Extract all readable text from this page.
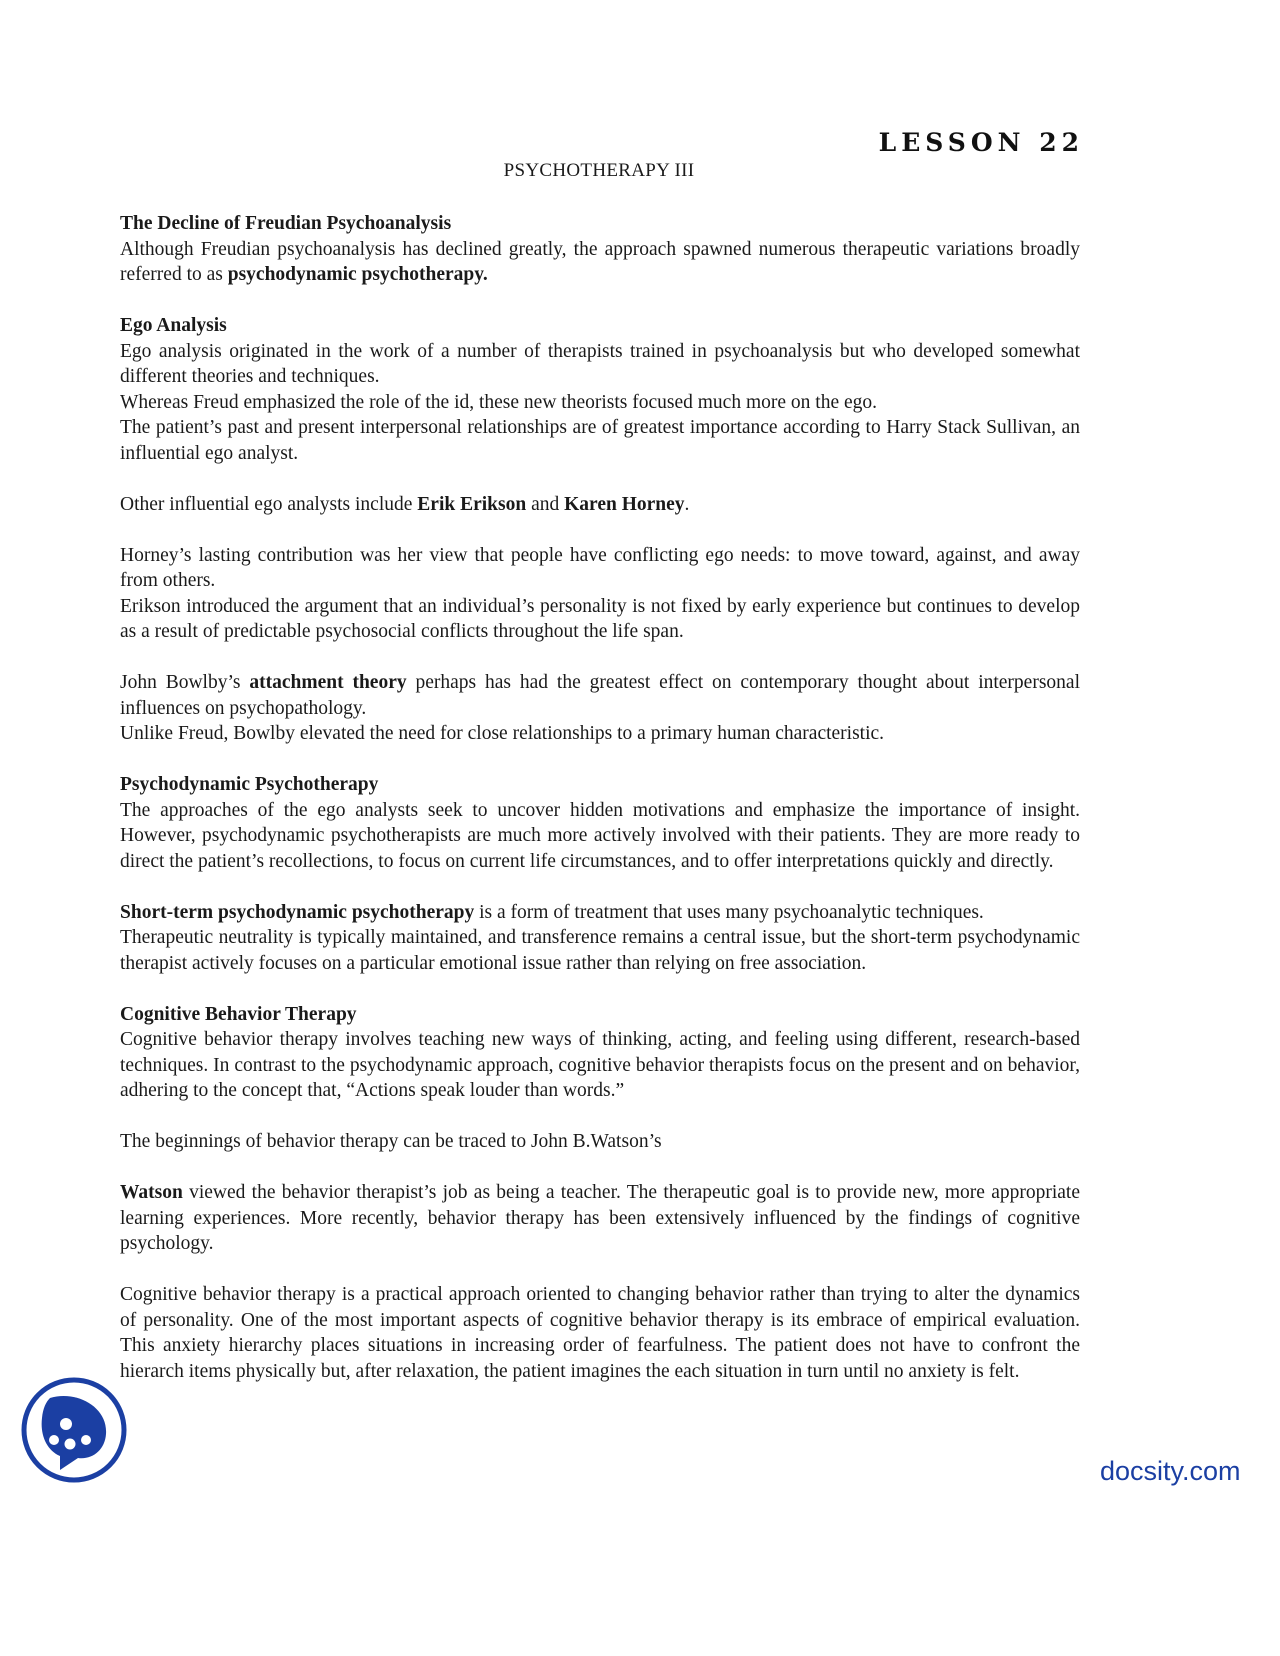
LESSON 22
PSYCHOTHERAPY III
The Decline of Freudian Psychoanalysis

Although Freudian psychoanalysis has declined greatly, the approach spawned numerous therapeutic variations broadly referred to as psychodynamic psychotherapy.

Ego Analysis

Ego analysis originated in the work of a number of therapists trained in psychoanalysis but who developed somewhat different theories and techniques.

Whereas Freud emphasized the role of the id, these new theorists focused much more on the ego.

The patient’s past and present interpersonal relationships are of greatest importance according to Harry Stack Sullivan, an influential ego analyst.

Other influential ego analysts include Erik Erikson and Karen Horney.

Horney’s lasting contribution was her view that people have conflicting ego needs: to move toward, against, and away from others.

Erikson introduced the argument that an individual’s personality is not fixed by early experience but continues to develop as a result of predictable psychosocial conflicts throughout the life span.

John Bowlby’s attachment theory perhaps has had the greatest effect on contemporary thought about interpersonal influences on psychopathology.

Unlike Freud, Bowlby elevated the need for close relationships to a primary human characteristic.

Psychodynamic Psychotherapy

The approaches of the ego analysts seek to uncover hidden motivations and emphasize the importance of insight. However, psychodynamic psychotherapists are much more actively involved with their patients. They are more ready to direct the patient’s recollections, to focus on current life circumstances, and to offer interpretations quickly and directly.

Short-term psychodynamic psychotherapy is a form of treatment that uses many psychoanalytic techniques.

Therapeutic neutrality is typically maintained, and transference remains a central issue, but the short-term psychodynamic therapist actively focuses on a particular emotional issue rather than relying on free association.

Cognitive Behavior Therapy

Cognitive behavior therapy involves teaching new ways of thinking, acting, and feeling using different, research-based techniques. In contrast to the psychodynamic approach, cognitive behavior therapists focus on the present and on behavior, adhering to the concept that, “Actions speak louder than words.”

The beginnings of behavior therapy can be traced to John B.Watson’s

Watson viewed the behavior therapist’s job as being a teacher. The therapeutic goal is to provide new, more appropriate learning experiences. More recently, behavior therapy has been extensively influenced by the findings of cognitive psychology.

Cognitive behavior therapy is a practical approach oriented to changing behavior rather than trying to alter the dynamics of personality. One of the most important aspects of cognitive behavior therapy is its embrace of empirical evaluation. This anxiety hierarchy places situations in increasing order of fearfulness. The patient does not have to confront the hierarch items physically but, after relaxation, the patient imagines the each situation in turn until no anxiety is felt.

docsity.com
